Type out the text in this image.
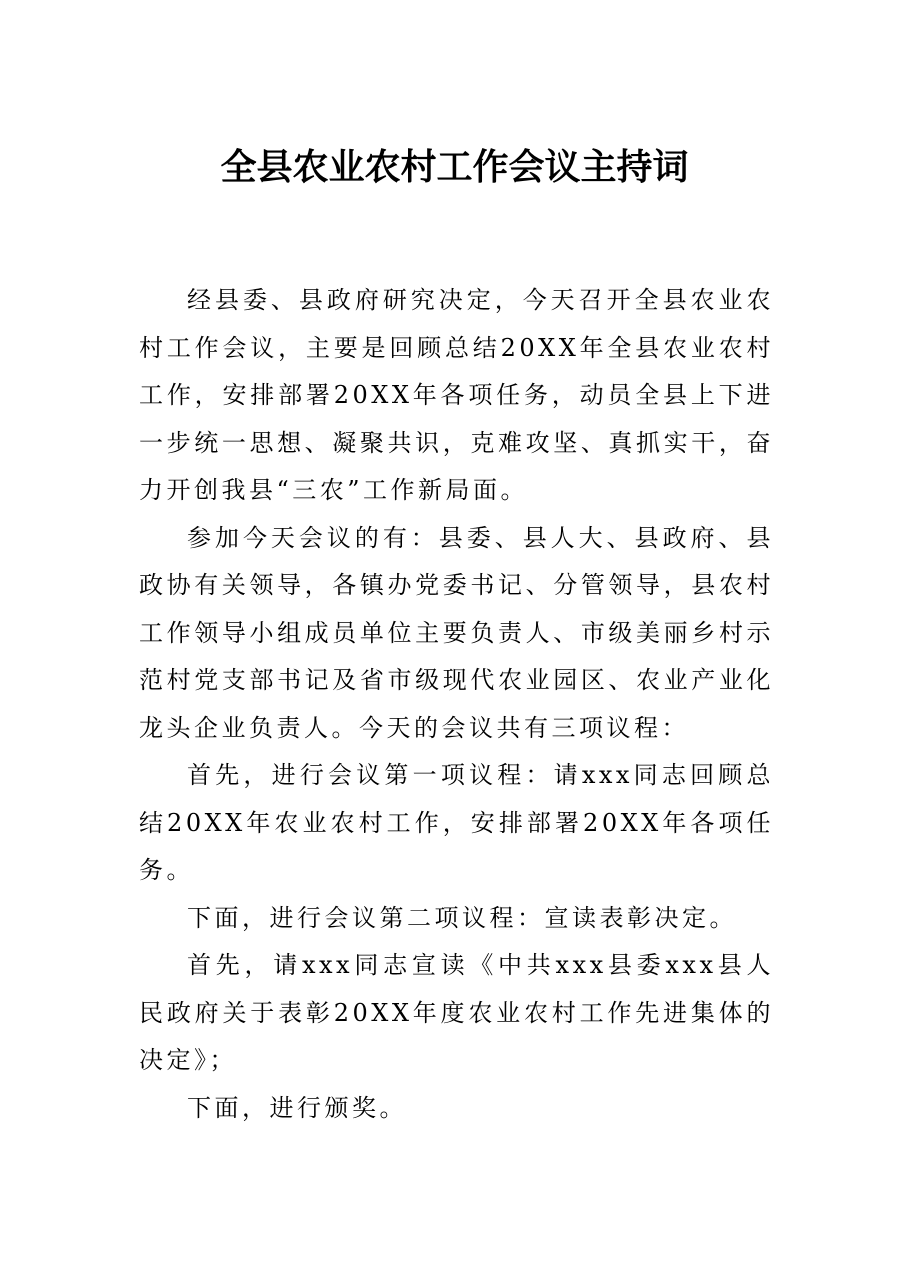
全县农业农村工作会议主持词

经县委、县政府研究决定，今天召开全县农业农村工作会议，主要是回顾总结20XX年全县农业农村工作，安排部署20XX年各项任务，动员全县上下进一步统一思想、凝聚共识，克难攻坚、真抓实干，奋力开创我县“三农”工作新局面。

参加今天会议的有：县委、县人大、县政府、县政协有关领导，各镇办党委书记、分管领导，县农村工作领导小组成员单位主要负责人、市级美丽乡村示范村党支部书记及省市级现代农业园区、农业产业化龙头企业负责人。今天的会议共有三项议程：

首先，进行会议第一项议程：请xxx同志回顾总结20XX年农业农村工作，安排部署20XX年各项任务。

下面，进行会议第二项议程：宣读表彰决定。

首先，请xxx同志宣读《中共xxx县委xxx县人民政府关于表彰20XX年度农业农村工作先进集体的决定》；

下面，进行颁奖。
